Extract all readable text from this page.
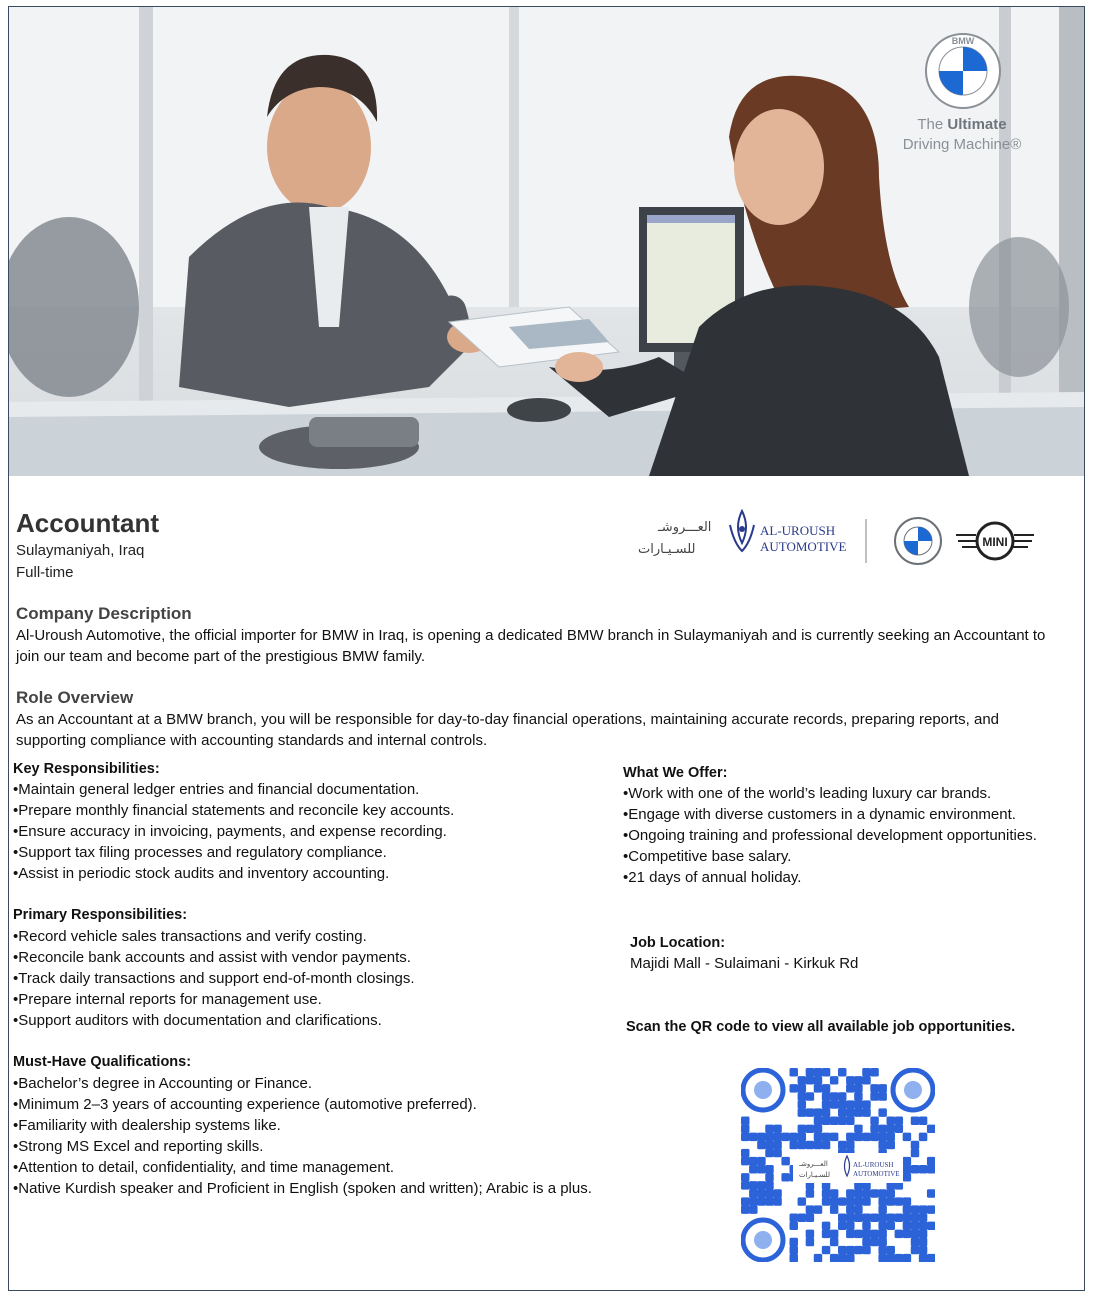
BMW
The Ultimate
Driving Machine®
Accountant
Sulaymaniyah, Iraq
Full-time
العـــروشـ
للسـيـارات
AL-UROUSH
AUTOMOTIVE	MINI
Company Description
Al-Uroush Automotive, the official importer for BMW in Iraq, is opening a dedicated BMW branch in Sulaymaniyah and is currently seeking an Accountant to join our team and become part of the prestigious BMW family.
Role Overview
As an Accountant at a BMW branch, you will be responsible for day-to-day financial operations, maintaining accurate records, preparing reports, and supporting compliance with accounting standards and internal controls.
Key Responsibilities:
• Maintain general ledger entries and financial documentation.
• Prepare monthly financial statements and reconcile key accounts.
• Ensure accuracy in invoicing, payments, and expense recording.
• Support tax filing processes and regulatory compliance.
• Assist in periodic stock audits and inventory accounting.
Primary Responsibilities:
• Record vehicle sales transactions and verify costing.
• Reconcile bank accounts and assist with vendor payments.
• Track daily transactions and support end-of-month closings.
• Prepare internal reports for management use.
• Support auditors with documentation and clarifications.
Must-Have Qualifications:
• Bachelor’s degree in Accounting or Finance.
• Minimum 2–3 years of accounting experience (automotive preferred).
• Familiarity with dealership systems like.
• Strong MS Excel and reporting skills.
• Attention to detail, confidentiality, and time management.
• Native Kurdish speaker and Proficient in English (spoken and written); Arabic is a plus.
What We Offer:
• Work with one of the world’s leading luxury car brands.
• Engage with diverse customers in a dynamic environment.
• Ongoing training and professional development opportunities.
• Competitive base salary.
• 21 days of annual holiday.
Job Location:
Majidi Mall - Sulaimani - Kirkuk Rd
Scan the QR code to view all available job opportunities.
العـــروشـ
للسـيـارات
AL-UROUSH
AUTOMOTIVE
